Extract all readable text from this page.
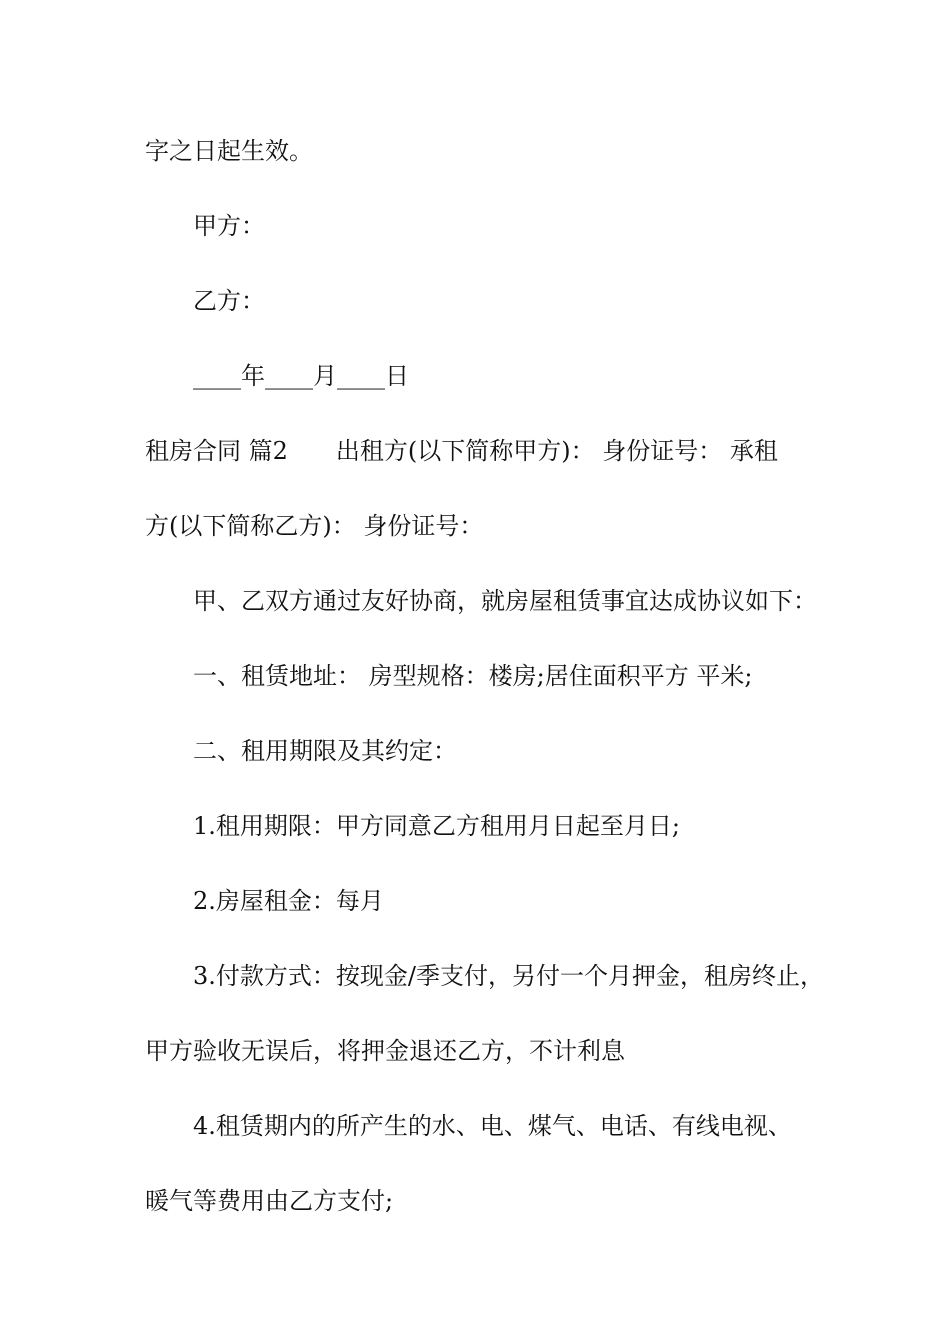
字之日起生效。
甲方：
乙方：
____年____月____日
租房合同 篇2　　出租方(以下简称甲方)： 身份证号： 承租
方(以下简称乙方)： 身份证号：
甲、乙双方通过友好协商，就房屋租赁事宜达成协议如下：
一、租赁地址： 房型规格：楼房;居住面积平方 平米;
二、租用期限及其约定：
1.租用期限：甲方同意乙方租用月日起至月日;
2.房屋租金：每月
3.付款方式：按现金/季支付，另付一个月押金，租房终止，
甲方验收无误后，将押金退还乙方，不计利息
4.租赁期内的所产生的水、电、煤气、电话、有线电视、
暖气等费用由乙方支付;
